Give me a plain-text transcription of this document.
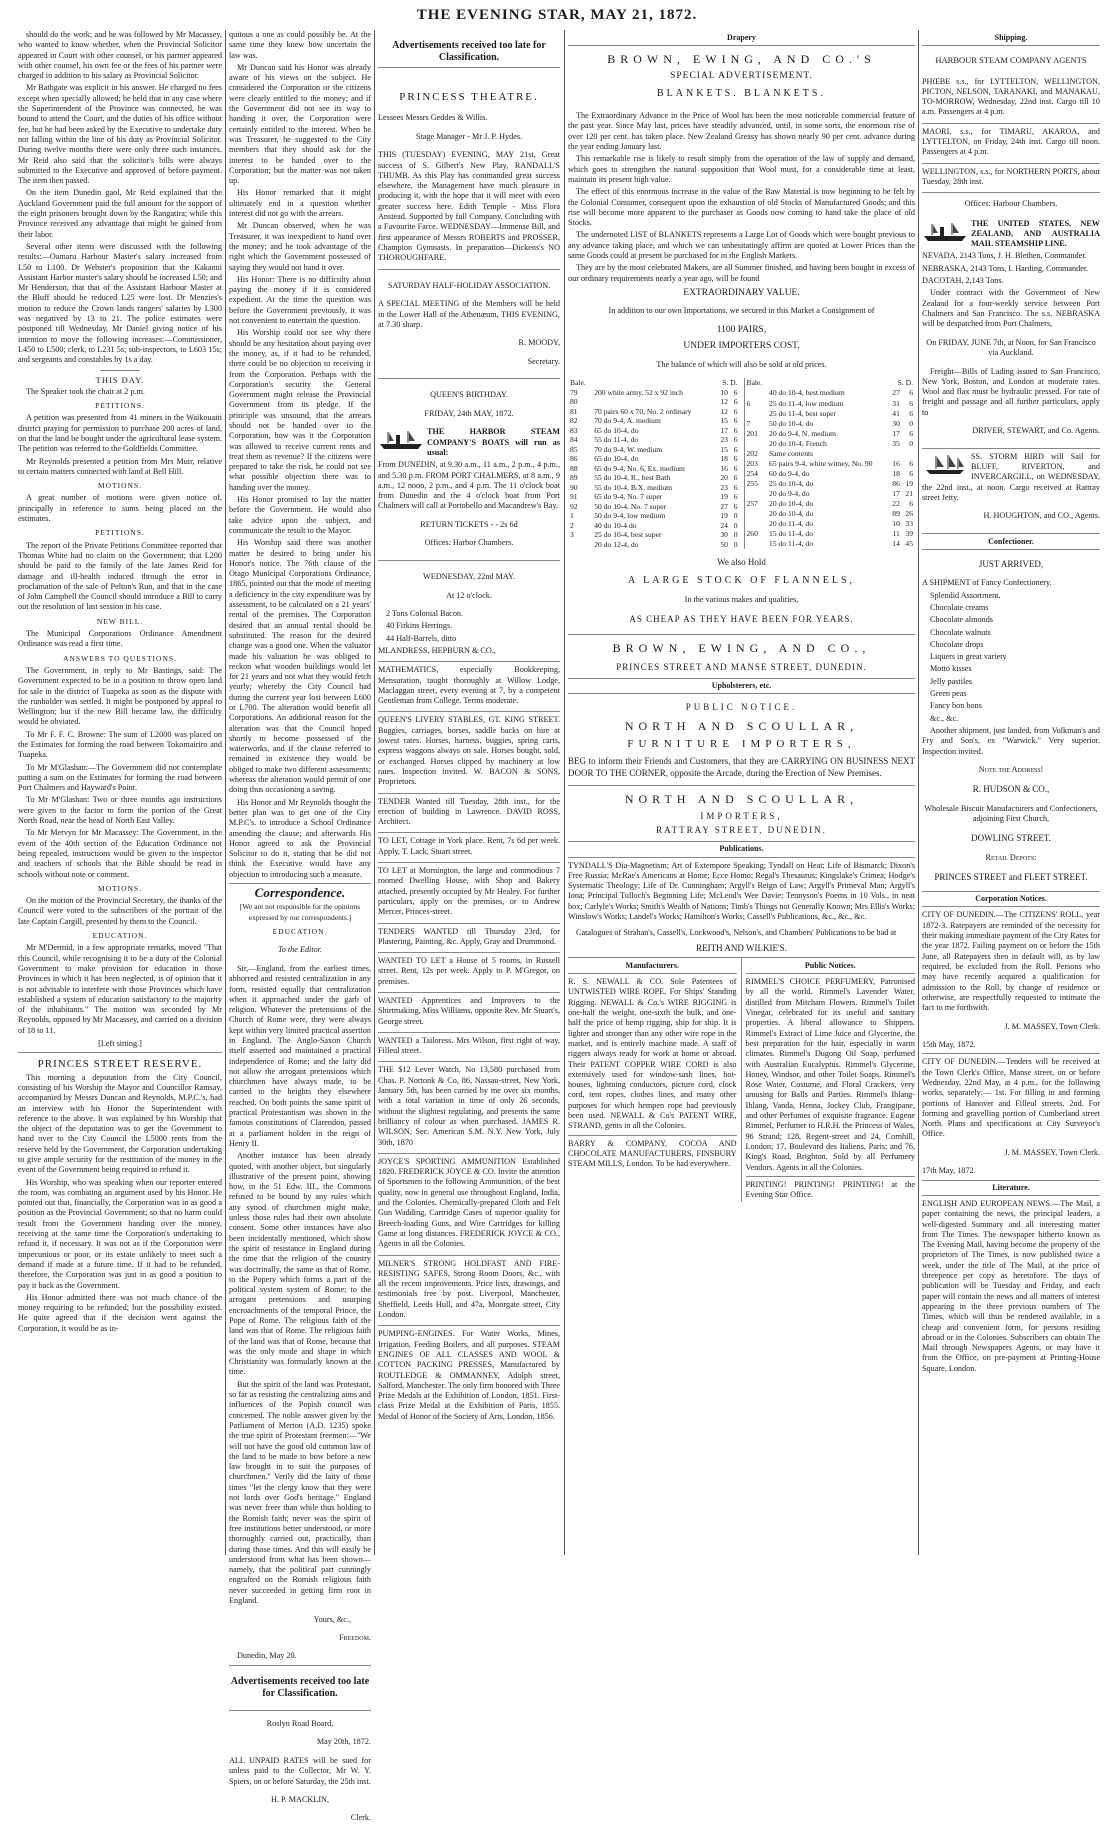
THE EVENING STAR, MAY 21, 1872.

should do the work; and he was followed by Mr Macassey, who wanted to know whether, when the Provincial Solicitor appeared in Court with other counsel, or his partner appeared with other counsel, his own fee or the fees of his partner were charged in addition to his salary as Provincial Solicitor.

Mr Bathgate was explicit in his answer. He charged no fees except when specially allowed; he held that in any case where the Superintendent of the Province was connected, he was bound to attend the Court, and the duties of his office without fee, but he had been asked by the Executive to undertake duty not falling within the line of his duty as Provincial Solicitor. During twelve months there were only three such instances. Mr Reid also said that the solicitor's bills were always submitted to the Executive and approved of before payment. The item then passed.

On the item Dunedin gaol, Mr Reid explained that the Auckland Government paid the full amount for the support of the eight prisoners brought down by the Rangatira; while this Province received any advantage that might be gained from their labor.

Several other items were discussed with the following results:—Oamaru Harbour Master's salary increased from L50 to L100. Dr Webster's proposition that the Kakanui Assistant Harbor master's salary should be increased L50; and Mr Henderson, that that of the Assistant Harbour Master at the Bluff should be reduced L25 were lost. Dr Menzies's motion to reduce the Crown lands rangers' salaries by L300 was negatived by 13 to 21. The police estimates were postponed till Wednesday, Mr Daniel giving notice of his intention to move the following increases:—Commissioner, L450 to L500; clerk, to L231 5s; sub-inspectors, to L603 15s; and sergeants and constables by 1s a day.

THIS DAY.

The Speaker took the chair at 2 p.m.

PETITIONS.

A petition was presented from 41 miners in the Waikouaiti district praying for permission to purchase 200 acres of land, on that the land be bought under the agricultural lease system. The petition was referred to the Goldfields Committee.

Mr Reynolds presented a petition from Mrs Muir, relative to certain matters connected with land at Bell Hill.

MOTIONS.

A great number of motions were given notice of, principally in reference to sums being placed on the estimates.

PETITIONS.

The report of the Private Petitions Committee reported that Thomas White had no claim on the Government; that L200 should be paid to the family of the late James Reid for damage and ill-health induced through the error in proclamation of the sale of Pelton's Run, and that in the case of John Campbell the Council should introduce a Bill to carry out the resolution of last session in his case.

NEW BILL.

The Municipal Corporations Ordinance Amendment Ordinance was read a first time.

ANSWERS TO QUESTIONS.

The Government, in reply to Mr Bastings, said: The Government expected to be in a position to throw open land for sale in the district of Tuapeka as soon as the dispute with the runholder was settled. It might be postponed by appeal to Wellington; but if the new Bill became law, the difficulty would be obviated.

To Mr F. F. C. Browne: The sum of L2000 was placed on the Estimates for forming the road between Tokomairiro and Tuapeka.

To Mr M'Glashan:—The Government did not contemplate putting a sum on the Estimates for forming the road between Port Chalmers and Hayward's Point.

To Mr M'Glashan: Two or three months ago instructions were given to the factor to form the portion of the Great North Road, near the head of North East Valley.

To Mr Mervyn for Mr Macassey: The Government, in the event of the 40th section of the Education Ordinance not being repealed, instructions would be given to the inspector and teachers of schools that the Bible should be read in schools without note or comment.

MOTIONS.

On the motion of the Provincial Secretary, the thanks of the Council were voted to the subscribers of the portrait of the late Captain Cargill, presented by them to the Council.

EDUCATION.

Mr M'Dermid, in a few appropriate remarks, moved "That this Council, while recognising it to be a duty of the Colonial Government to make provision for education in those Provinces in which it has been neglected, is of opinion that it is not advisable to interfere with those Provinces which have established a system of education satisfactory to the majority of the inhabitants." The motion was seconded by Mr Reynolds, opposed by Mr Macassey, and carried on a division of 18 to 11.

[Left sitting.]

PRINCES STREET RESERVE.

This morning a deputation from the City Council, consisting of his Worship the Mayor and Councillor Ramsay, accompanied by Messrs Duncan and Reynolds, M.P.C.'s, had an interview with his Honor the Superintendent with reference to the above. It was explained by his Worship that the object of the deputation was to get the Government to hand over to the City Council the L5000 rents from the reserve held by the Government, the Corporation undertaking to give ample security for the restitution of the money in the event of the Government being required to refund it.

His Worship, who was speaking when our reporter entered the room, was combating an argument used by his Honor. He pointed out that, financially, the Corporation was in as good a position as the Provincial Government; so that no harm could result from the Government handing over the money, receiving at the same time the Corporation's undertaking to refund it, if necessary. It was not as if the Corporation were impecunious or poor, or its estate unlikely to meet such a demand if made at a future time. If it had to be refunded, therefore, the Corporation was just in as good a position to pay it back as the Government.

His Honor admitted there was not much chance of the money requiring to be refunded; but the possibility existed. He quite agreed that if the decision went against the Corporation, it would be as in-

quitous a one as could possibly be. At the same time they knew how uncertain the law was.

Mr Duncan said his Honor was already aware of his views on the subject. He considered the Corporation or the citizens were clearly entitled to the money; and if the Government did not see its way to handing it over, the Corporation were certainly entitled to the interest. When he was Treasurer, he suggested to the City members that they should ask for the interest to be handed over to the Corporation; but the matter was not taken up.

His Honor remarked that it might ultimately end in a question whether interest did not go with the arrears.

Mr Duncan observed, when he was Treasurer, it was inexpedient to hand over the money; and he took advantage of the right which the Government possessed of saying they would not hand it over.

His Honor: There is no difficulty about paying the money if it is considered expedient. At the time the question was before the Government previously, it was not convenient to entertain the question.

His Worship could not see why there should be any hesitation about paying over the money, as, if it had to be refunded, there could be no objection to receiving it from the Corporation. Perhaps with the Corporation's security the General Government might release the Provincial Government from its pledge. If the principle was unsound, that the arrears should not be handed over to the Corporation, how was it the Corporation was allowed to receive current rents and treat them as revenue? If the citizens were prepared to take the risk, he could not see what possible objection there was to handing over the money.

His Honor promised to lay the matter before the Government. He would also take advice upon the subject, and communicate the result to the Mayor.

His Worship said there was another matter he desired to bring under his Honor's notice. The 76th clause of the Otago Municipal Corporations Ordinance, 1865, pointed out that the mode of meeting a deficiency in the city expenditure was by assessment, to be calculated on a 21 years' rental of the premises. The Corporation desired that an annual rental should be substituted. The reason for the desired change was a good one. When the valuator made his valuation he was obliged to reckon what wooden buildings would let for 21 years and not what they would fetch yearly; whereby the City Council had during the current year lost between L600 or L700. The alteration would benefit all Corporations. An additional reason for the alteration was that the Council hoped shortly to become possessed of the waterworks, and if the clause referred to remained in existence they would be obliged to make two different assessments; whereas the alteration would permit of one doing thus occasioning a saving.

His Honor and Mr Reynolds thought the better plan was to get one of the City M.P.C's. to introduce a School Ordinance amending the clause; and afterwards His Honor agreed to ask the Provincial Solicitor to do it, stating that he did not think the Executive would have any objection to introducing such a measure.

Correspondence.

[We are not responsible for the opinions expressed by our correspondents.]

EDUCATION.

To the Editor.

Sir,—England, from the earliest times, abhorred and resisted centralization in any form, resisted equally that centralization when it approached under the garb of religion. Whatever the pretensions of the Church of Rome were, they were always kept within very limited practical assertion in England. The Anglo-Saxon Church itself asserted and maintained a practical independence of Rome; and the laity did not allow the arrogant pretensions which churchmen have always made, to be carried to the heights they elsewhere reached. On both points the same spirit of practical Protestantism was shown in the famous constitutions of Clarendon, passed at a parliament holden in the reign of Henry II.

Another instance has been already quoted, with another object, but singularly illustrative of the present point, showing how, in the 51 Edw. III., the Commons refused to be bound by any rules which any synod of churchmen might make, unless those rules had their own absolute consent. Some other instances have also been incidentally mentioned, which show the spirit of resistance in England during the time that the religion of the country was doctrinally, the same as that of Rome, to the Popery which forms a part of the political system system of Rome; to the arrogant pretensions and usurping encroachments of the temporal Prince, the Pope of Rome. The religious faith of the land was that of Rome. The religious faith of the land was that of Rome, because that was the only mode and shape in which Christianity was formularly known at the time.

But the spirit of the land was Protestant, so far as resisting the centralizing aims and influences of the Popish council was concerned. The noble answer given by the Parliament of Merton (A.D. 1235) spoke the true spirit of Protestant freemen:—"We will not have the good old common law of the land to be made to bow before a new law brought in to suit the purposes of churchmen." Verily did the laity of those times "let the clergy know that they were not lords over God's heritage." England was never freer than while thus holding to the Romish faith; never was the spirit of free institutions better understood, or more thoroughly carried out, practically, than during those times. And this will easily be understood from what has been shown—namely, that the political part cunningly engrafted on the Romish religious faith never succeeded in getting firm root in England.

Yours, &c.,

Freedom.

Dunedin, May 20.

Advertisements received too late for Classification.

Roslyn Road Board,

May 20th, 1872.

ALL UNPAID RATES will be sued for unless paid to the Collector, Mr W. Y. Spiers, on or before Saturday, the 25th inst.

H. P. MACKLIN,

Clerk.

Advertisements received too late for Classification.

PRINCESS THEATRE.

Lessees Messrs Geddes & Willis.

Stage Manager - Mr J. P. Hydes.

THIS (TUESDAY) EVENING, MAY 21st, Great success of S. Gilbert's New Play, RANDALL'S THUMB. As this Play has commanded great success elsewhere, the Management have much pleasure in producing it, with the hope that it will meet with even greater success here. Edith Temple - Miss Flora Anstead. Supported by full Company. Concluding with a Favourite Farce. WEDNESDAY—Immense Bill, and first appearance of Messrs ROBERTS and PROSSER, Champion Gymnasts. In preparation—Dickens's NO THOROUGHFARE.

SATURDAY HALF-HOLIDAY ASSOCIATION.

A SPECIAL MEETING of the Members will be held in the Lower Hall of the Athenæum, THIS EVENING, at 7.30 sharp.

R. MOODY,

Secretary.

QUEEN'S BIRTHDAY.

FRIDAY, 24th MAY, 1872.

THE HARBOR STEAM COMPANY'S BOATS will run as usual:

From DUNEDIN, at 9.30 a.m., 11 a.m., 2 p.m., 4 p.m., and 5.30 p.m. FROM PORT CHALMERS, at 8 a.m., 9 a.m., 12 noon, 2 p.m., and 4 p.m. The 11 o'clock boat from Dunedin and the 4 o'clock boat from Port Chalmers will call at Portobello and Macandrew's Bay.

RETURN TICKETS - - 2s 6d

Offices: Harbor Chambers.

WEDNESDAY, 22nd MAY.

At 12 o'clock.

2 Tons Colonial Bacon.

40 Firkins Herrings.

44 Half-Barrels, ditto

MLANDRESS, HEPBURN & CO.,

MATHEMATICS, especially Bookkeeping, Mensuration, taught thoroughly at Willow Lodge, Maclaggan street, every evening at 7, by a competent Gentleman from College. Terms moderate.

QUEEN'S LIVERY STABLES, GT. KING STREET. Buggies, carriages, horses, saddle backs on hire at lowest rates. Horses, harness, buggies, spring carts, express waggons always on sale. Horses bought, sold, or exchanged. Horses clipped by machinery at low rates. Inspection invited. W. BACON & SONS, Proprietors.

TENDER Wanted till Tuesday, 28th inst., for the erection of building in Lawrence. DAVID ROSS, Architect.

TO LET, Cottage in York place. Rent, 7s 6d per week. Apply, T. Lack, Stuart street.

TO LET at Mornington, the large and commodious 7 roomed Dwelling House, with Shop and Bakery attached, presently occupied by Mr Healey. For further particulars, apply on the premises, or to Andrew Mercer, Princes-street.

TENDERS WANTED till Thursday 23rd, for Plastering, Painting, &c. Apply, Gray and Drummond.

WANTED TO LET a House of 5 rooms, in Russell street. Rent, 12s per week. Apply to P. M'Gregor, on premises.

WANTED Apprentices and Improvers to the Shirtmaking, Miss Williams, opposite Rev. Mr Stuart's, George street.

WANTED a Tailoress. Mrs Wilson, first right of way, Filleul street.

THE $12 Lever Watch, No 13,580 purchased from Chas. P. Nortonk & Co, 86, Nassau-street, New York, January 5th, has been carried by me over six months, with a total variation in time of only 26 seconds, without the slightest regulating, and presents the same brilliancy of colour as when purchased. JAMES R. WILSON, Sec. American S.M. N.Y. New York, July 30th, 1870

JOYCE'S SPORTING AMMUNITION Established 1820. FREDERICK JOYCE & CO. Invite the attention of Sportsmen to the following Ammunition, of the best quality, now in general use throughout England, India, and the Colonies. Chemically-prepared Cloth and Felt Gun Wadding, Cartridge Cases of superior quality for Breech-loading Guns, and Wire Cartridges for killing Game at long distances. FREDERICK JOYCE & CO., Agents in all the Colonies.

MILNER'S STRONG HOLDFAST AND FIRE-RESISTING SAFES, Strong Room Doors, &c., with all the recent improvements. Price lists, drawings, and testimonials free by post. Liverpool, Manchester, Sheffield, Leeds Hull, and 47a, Moorgate street, City London.

PUMPING-ENGINES. For Water Works, Mines, Irrigation, Feeding Boilers, and all purposes. STEAM ENGINES OF ALL CLASSES AND WOOL & COTTON PACKING PRESSES, Manufactured by ROUTLEDGE & OMMANNEY, Adolph street, Salford, Manchester. The only firm honored with Three Prize Medals at the Exhibition of London, 1851. First-class Prize Medal at the Exhibition of Paris, 1855. Medal of Honor of the Society of Arts, London, 1856.

Drapery

BROWN, EWING, AND CO.'S

SPECIAL ADVERTISEMENT.

BLANKETS. BLANKETS.

The Extraordinary Advance in the Price of Wool has been the most noticeable commercial feature of the past year. Since May last, prices have steadily advanced, until, in some sorts, the enormous rise of over 120 per cent. has taken place. New Zealand Greasy has shown nearly 90 per cent. advance during the year ending January last.

This remarkable rise is likely to result simply from the operation of the law of supply and demand, which goes to strengthen the natural supposition that Wool must, for a considerable time at least, maintain its present high value.

The effect of this enormous increase in the value of the Raw Material is now beginning to be felt by the Colonial Consumer, consequent upon the exhaustion of old Stocks of Manufactured Goods; and this rise will become more apparent to the purchaser as Goods now coming to hand take the place of old Stocks.

The undernoted LIST of BLANKETS represents a Large Lot of Goods which were bought previous to any advance taking place, and which we can unhesitatingly affirm are quoted at Lower Prices than the same Goods could at present be purchased for in the English Markets.

They are by the most celebrated Makers, are all Summer finished, and having been bought in excess of our ordinary requirements nearly a year ago, will be found

EXTRAORDINARY VALUE.

In addition to our own Importations, we secured in this Market a Consignment of

1100 PAIRS,

UNDER IMPORTERS COST,

The balance of which will also be sold at old prices.

Bale.		S. D.	
79	200 white army, 52 x 92 inch	10	6
80		12	6
81	70 pairs 60 x 70, No. 2 ordinary	12	6
82	70 do 9-4, A. medium	15	6
83	65 do 10-4, do	17	6
84	55 do 11-4, do	23	6
85	70 do 9-4, W. medium	15	6
86	65 do 10-4, do	18	6
88	65 do 9-4, No. 6, Ex. medium	16	6
89	55 do 10-4, R., best Bath	20	6
90	55 do 10-4, B.X. medium	23	6
91	65 do 9-4, No. 7 super	19	6
92	50 do 10-4, No. 7 super	27	6
1	50 do 9-4, low medium	19	0
2	40 do 10-4 do	24	0
3	25 do 10-4, best super	30	0
	20 do 12-4, do	50	0
Bale.		S. D.	
	40 do 10-4, best medium	27	6
6	25 do 11-4, low medium	31	6
	25 do 11-4, best super	41	6
7	50 do 10-4, do	30	0
201	20 do 9-4, N. medium	17	6
	20 do 10-4, French	35	0
202	Same contents		
203	65 pairs 9-4, white witney, No. 90	16	6
254	60 do 9-4, do	18	6
255	25 do 10-4, do	86	19
	20 do 9-4, do	17	21
257	20 do 10-4, do	22	6
	20 do 10-4, do	89	26
	20 do 11-4, do	10	33
260	15 do 11-4, do	11	39
	15 do 11-4, do	14	45

We also Hold

A LARGE STOCK OF FLANNELS,

In the various makes and qualities,

AS CHEAP AS THEY HAVE BEEN FOR YEARS.

BROWN, EWING, AND CO.,

PRINCES STREET AND MANSE STREET, DUNEDIN.

Upholsterers, etc.

PUBLIC NOTICE.

NORTH AND SCOULLAR,

FURNITURE IMPORTERS,

BEG to inform their Friends and Customers, that they are CARRYING ON BUSINESS NEXT DOOR TO THE CORNER, opposite the Arcade, during the Erection of New Premises.

NORTH AND SCOULLAR,

IMPORTERS,

RATTRAY STREET, DUNEDIN.

Publications.

TYNDALL'S Dia-Magnetism; Art of Extempore Speaking; Tyndall on Heat; Life of Bismarck; Dixon's Free Russia; McRae's Americans at Home; Ecce Homo; Regal's Thesaurus; Kingslake's Crimea; Hodge's Systematic Theology; Life of Dr. Cunningham; Argyll's Reign of Law; Argyll's Primeval Man; Argyll's Iona; Principal Tulloch's Beginning Life; McLeod's Wee Davie; Tennyson's Poems in 10 Vols., in neat box; Carlyle's Works; Smith's Wealth of Nations; Timb's Things not Generally Known; Mrs Ellis's Works; Winslow's Works; Landel's Works; Hamilton's Works; Cassell's Publications, &c., &c., &c.

Catalogues of Strahan's, Cassell's, Lockwood's, Nelson's, and Chambers' Publications to be had at

REITH AND WILKIE'S.

Manufacturers.

R. S. NEWALL & CO. Sole Patentees of UNTWISTED WIRE ROPE, For Ships' Standing Rigging. NEWALL & Co.'s WIRE RIGGING is one-half the weight, one-sixth the bulk, and one-half the price of hemp rigging, ship for ship. It is lighter and stronger than any other wire rope in the market, and is entirely machine made. A staff of riggers always ready for work at home or abroad. Their PATENT COPPER WIRE CORD is also extensively used for window-sash lines, hot-houses, lightning conductors, picture cord, clock cord, tent ropes, clothes lines, and many other purposes for which hempen rope had previously been used. NEWALL & Co's PATENT WIRE, STRAND, gents in all the Colonies.

BARRY & COMPANY, COCOA AND CHOCOLATE MANUFACTURERS, FINSBURY STEAM MILLS, London. To be had everywhere.

Public Notices.

RIMMEL'S CHOICE PERFUMERY, Patronised by all the world. Rimmel's Lavender Water, distilled from Mitcham Flowers. Rimmel's Toilet Vinegar, celebrated for its useful and sanitary properties. A liberal allowance to Shippers. Rimmel's Extract of Lime Juice and Glycerine, the best preparation for the hair, especially in warm climates. Rimmel's Dugong Oil Soap, perfumed with Australian Eucalyptus. Rimmel's Glycerine, Honey, Windsor, and other Toilet Soaps. Rimmel's Rose Water, Costume, and Floral Crackers, very amusing for Balls and Parties. Rimmel's Ihlang-Ihlang, Vanda, Henna, Jockey Club, Frangipane, and other Perfumes of exquisite fragrance. Eugene Rimmel, Perfumer to H.R.H. the Princess of Wales, 96 Strand; 128, Regent-street and 24, Cornhill, London; 17, Boulevard des Italiens, Paris; and 76, King's Road, Brighton. Sold by all Perfumery Vendors. Agents in all the Colonies.

PRINTING! PRINTING! PRINTING! at the Evening Star Office.

Shipping.

HARBOUR STEAM COMPANY AGENTS

PHŒBE s.s., for LYTTELTON, WELLINGTON, PICTON, NELSON, TARANAKI, and MANAKAU, TO-MORROW, Wednesday, 22nd inst. Cargo till 10 a.m. Passengers at 4 p.m.

MAORI, s.s., for TIMARU, AKAROA, and LYTTELTON, on Friday, 24th inst. Cargo till noon. Passengers at 4 p.m.

WELLINGTON, s.s., for NORTHERN PORTS, about Tuesday, 28th inst.

Offices: Harbour Chambers.

THE UNITED STATES, NEW ZEALAND, AND AUSTRALIA MAIL STEAMSHIP LINE.

NEVADA, 2143 Tons, J. H. Blethen, Commander.

NEBRASKA, 2143 Tons, I. Harding, Commander.

DACOTAH, 2,143 Tons.

Under contract with the Government of New Zealand for a four-weekly service between Port Chalmers and San Francisco. The s.s. NEBRASKA will be despatched from Port Chalmers,

On FRIDAY, JUNE 7th, at Noon, for San Francisco via Auckland.

Freight—Bills of Lading issued to San Francisco, New York, Boston, and London at moderate rates. Wool and flax must be hydraulic pressed. For rate of freight and passage and all further particulars, apply to

DRIVER, STEWART, and Co. Agents.

SS. STORM BIRD will Sail for BLUFF, RIVERTON, and INVERCARGILL, on WEDNESDAY, the 22nd inst., at noon. Cargo received at Rattray street Jetty.

H. HOUGHTON, and CO., Agents.

Confectioner.

JUST ARRIVED,

A SHIPMENT of Fancy Confectionery.

Splendid Assortment.

Chocolate creams

Chocolate almonds

Chocolate walnuts

Chocolate drops

Liquers in great variety

Motto kisses

Jelly pastiles

Green peas

Fancy bon bons

&c., &c.

Another shipment, just landed, from Volkman's and Fry and Son's, ex "Warwick." Very superior. Inspection invited.

Note the Address!

R. HUDSON & CO.,

Wholesale Biscuit Manufacturers and Confectioners, adjoining First Church,

DOWLING STREET.

Retail Depots:

PRINCES STREET and FLEET STREET.

Corporation Notices.

CITY OF DUNEDIN.—The CITIZENS' ROLL, year 1872-3. Ratepayers are reminded of the necessity for their making immediate payment of the City Rates for the year 1872. Failing payment on or before the 15th June, all Ratepayers then in default will, as by law required, be excluded from the Roll. Persons who may have recently acquired a qualification for admission to the Roll, by change of residence or otherwise, are respectfully requested to intimate the fact to me forthwith.

J. M. MASSEY, Town Clerk.

15th May, 1872.

CITY OF DUNEDIN.—Tenders will be received at the Town Clerk's Office, Manse street, on or before Wednesday, 22nd May, at 4 p.m., for the following works, separately:— 1st. For filling in and forming portions of Hanover and Filleul streets. 2nd. For forming and gravelling portion of Cumberland street North. Plans and specifications at City Surveyor's Office.

J. M. MASSEY, Town Clerk.

17th May, 1872.

Literature.

ENGLISH AND EUROPEAN NEWS.—The Mail, a paper containing the news, the principal leaders, a well-digested Summary and all interesting matter from The Times. The newspaper hitherto known as The Evening Mail, having become the property of the proprietors of The Times, is now published twice a week, under the title of The Mail, at the price of threepence per copy as heretofore. The days of publication will be Tuesday and Friday, and each paper will contain the news and all matters of interest appearing in the three previous numbers of The Times, which will thus be rendered available, in a cheap and convenient form, for persons residing abroad or in the Colonies. Subscribers can obtain The Mail through Newspapers Agents, or may have it from the Office, on pre-payment at Printing-House Square, London.
